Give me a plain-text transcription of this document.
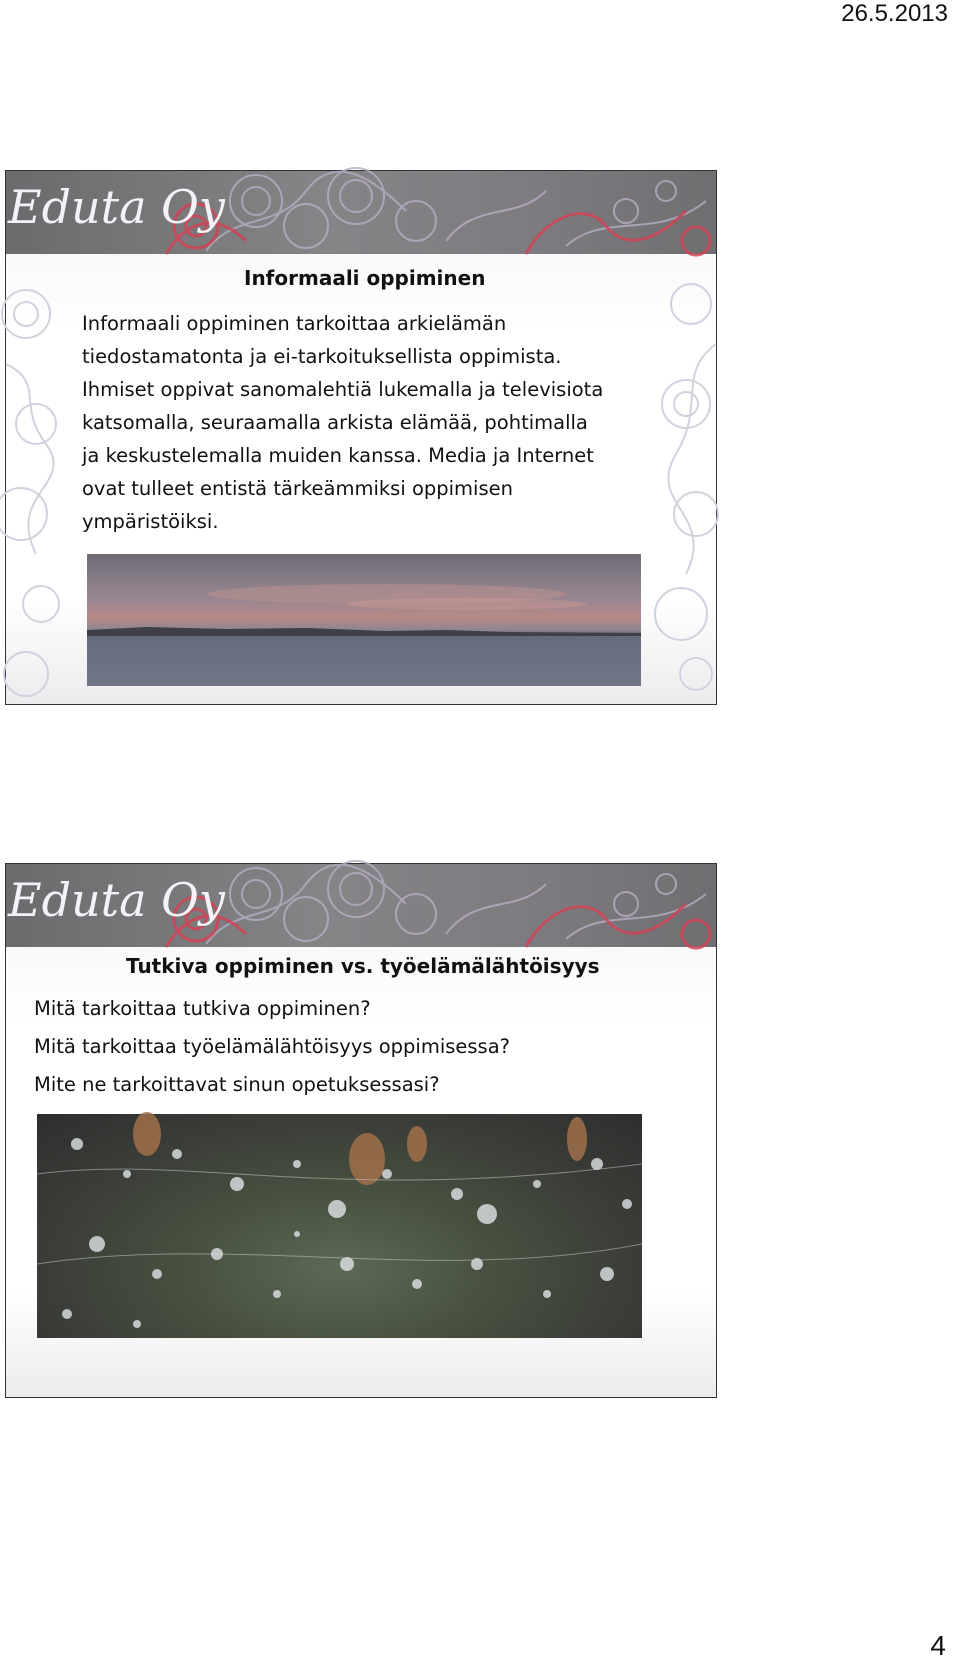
26.5.2013
Eduta Oy
Informaali oppiminen
Informaali oppiminen tarkoittaa arkielämän
tiedostamatonta ja ei-tarkoituksellista oppimista.
Ihmiset oppivat sanomalehtiä lukemalla ja televisiota
katsomalla, seuraamalla arkista elämää, pohtimalla
ja keskustelemalla muiden kanssa. Media ja Internet
ovat tulleet entistä tärkeämmiksi oppimisen
ympäristöiksi.
Eduta Oy
Tutkiva oppiminen vs. työelämälähtöisyys
Mitä tarkoittaa tutkiva oppiminen?
Mitä tarkoittaa työelämälähtöisyys oppimisessa?
Mite ne tarkoittavat sinun opetuksessasi?
4
